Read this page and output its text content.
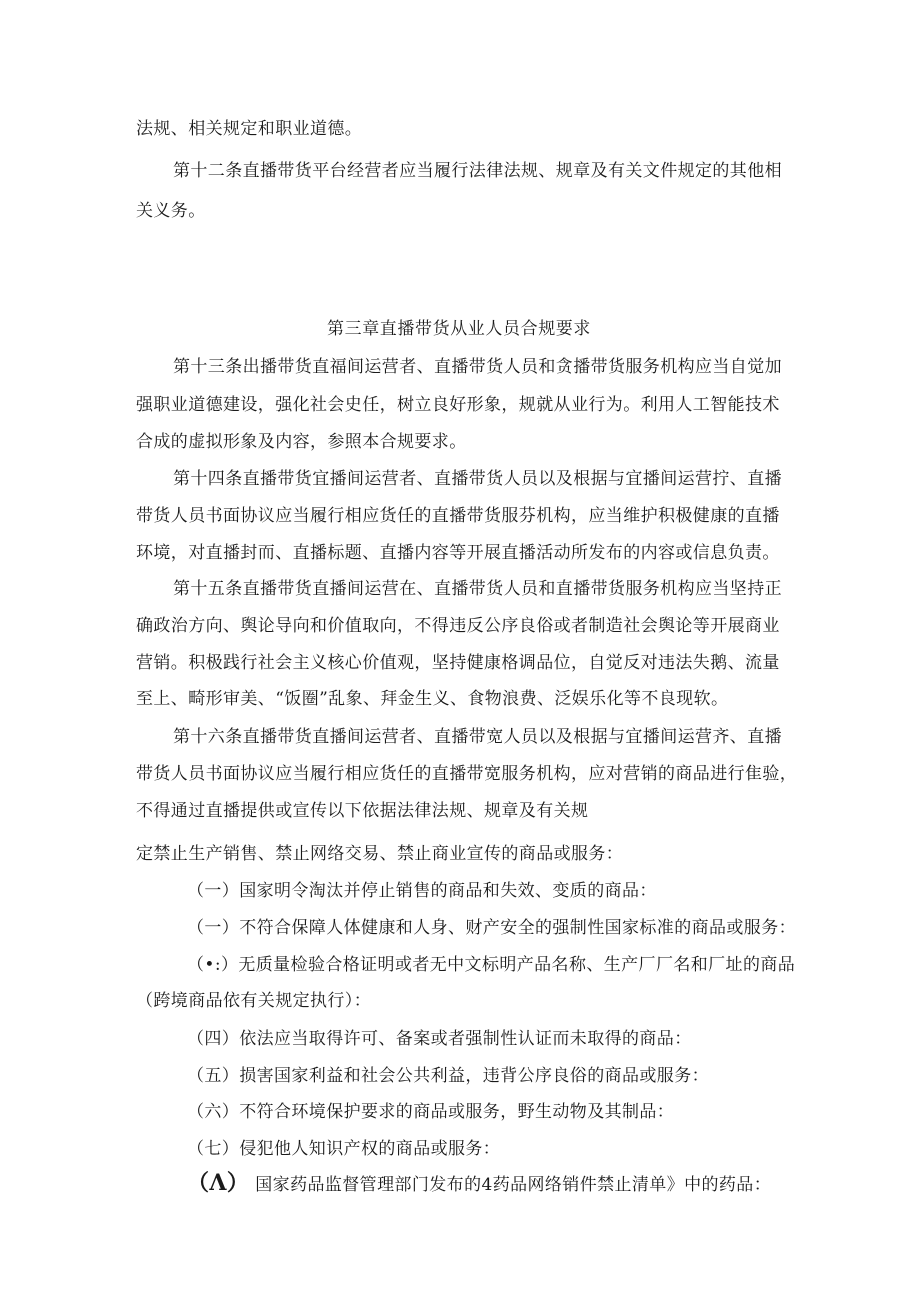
法规、相关规定和职业道德。
第十二条直播带货平台经营者应当履行法律法规、规章及有关文件规定的其他相
关义务。
第三章直播带货从业人员合规要求
第十三条出播带货直福间运营者、直播带货人员和贪播带货服务机构应当自觉加
强职业道德建设，强化社会史任，树立良好形象，规就从业行为。利用人工智能技术
合成的虚拟形象及内容，参照本合规要求。
第十四条直播带货宜播间运营者、直播带货人员以及根据与宜播间运营拧、直播
带货人员书面协议应当履行相应货任的直播带货服芬机构，应当维护积极健康的直播
环境，对直播封而、直播标题、直播内容等开展直播活动所发布的内容或信息负责。
第十五条直播带货直播间运营在、直播带货人员和直播带货服务机构应当坚持正
确政治方向、舆论导向和价值取向，不得违反公序良俗或者制造社会舆论等开展商业
营销。积极践行社会主义核心价值观，坚持健康格调品位，自觉反对违法失鹅、流量
至上、畸形审美、“饭圈”乱象、拜金生义、食物浪费、泛娱乐化等不良现软。
第十六条直播带货直播间运营者、直播带宽人员以及根据与宜播间运营齐、直播
带货人员书面协议应当履行相应货任的直播带宽服务机构，应对营销的商品进行隹验，
不得通过直播提供或宣传以下依据法律法规、规章及有关规
定禁止生产销售、禁止网络交易、禁止商业宣传的商品或服务：
（一）国家明令淘汰并停止销售的商品和失效、变质的商品：
（一）不符合保障人体健康和人身、财产安全的强制性国家标准的商品或服务：
（•:）无质量检验合格证明或者无中文标明产品名称、生产厂厂名和厂址的商品
（跨境商品依有关规定执行）：
（四）依法应当取得许可、备案或者强制性认证而未取得的商品：
（五）损害国家利益和社会公共利益，违背公序良俗的商品或服务：
（六）不符合环境保护要求的商品或服务，野生动物及其制品：
（七）侵犯他人知识产权的商品或服务：
（Λ） 国家药品监督管理部门发布的4药品网络销件禁止清单》中的药品：
